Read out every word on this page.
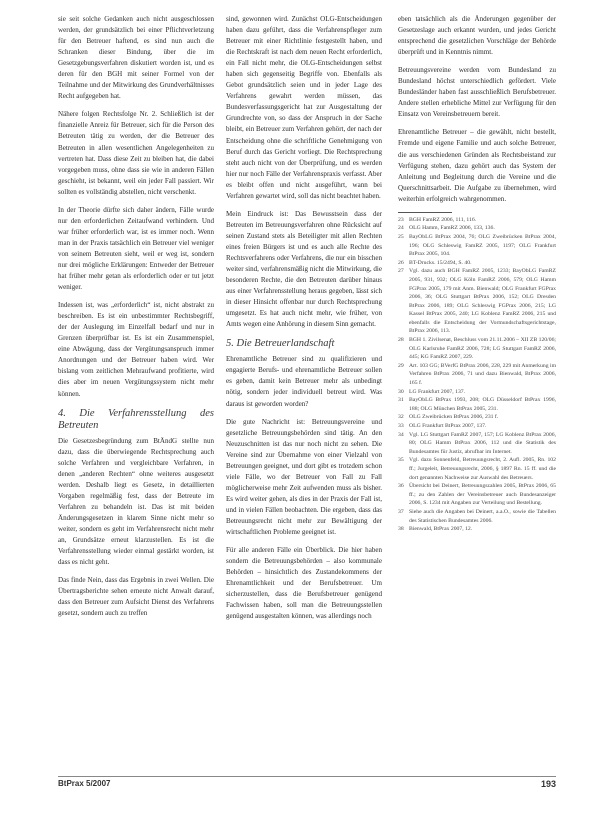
sie seit solche Gedanken auch nicht ausgeschlossen werden, der grundsätzlich bei einer Pflichtverletzung für den Betreuer haftend, es sind nun auch die Schranken dieser Bindung, über die im Gesetzgebungsverfahren diskutiert worden ist, und es deren für den BGH mit seiner Formel von der Teilnahme und der Mitwirkung des Grundverhältnisses Recht aufgegeben hat.

Nähere folgen Rechtsfolge Nr. 2. Schließlich ist der finanzielle Anreiz für Betreuer, sich für die Person des Betreuten tätig zu werden, der die Betreuer des Betreuten in allen wesentlichen Angelegenheiten zu vertreten hat. Dass diese Zeit zu bleiben hat, die dabei vorgegeben muss, ohne dass sie wie in anderen Fällen geschieht, ist bekannt, weil ein jeder Fall passiert. Wir sollten es vollständig abstellen, nicht verschenkt.

In der Theorie dürfte sich daher ändern, Fälle wurde nur den erforderlichen Zeitaufwand verhindern. Und war früher erforderlich war, ist es immer noch. Wenn man in der Praxis tatsächlich ein Betreuer viel weniger von seinem Betreuten sieht, weil er weg ist, sondern nur drei mögliche Erklärungen: Entweder der Betreuer hat früher mehr getan als erforderlich oder er tut jetzt weniger.

Indessen ist, was „erforderlich“ ist, nicht abstrakt zu beschreiben. Es ist ein unbestimmter Rechtsbegriff, der der Auslegung im Einzelfall bedarf und nur in Grenzen überprüfbar ist. Es ist ein Zusammenspiel, eine Abwägung, dass der Vergütungsanspruch immer Anordnungen und der Betreuer haben wird. Wer bislang vom zeitlichen Mehraufwand profitierte, wird dies aber im neuen Vergütungssystem nicht mehr können.

4. Die Verfahrensstellung des Betreuten

Die Gesetzesbegründung zum BtÄndG stellte nun dazu, dass die überwiegende Rechtsprechung auch solche Verfahren und vergleichbare Verfahren, in denen „anderen Rechten“ ohne weiteres ausgesetzt werden. Deshalb liegt es Gesetz, in detaillierten Vorgaben regelmäßig fest, dass der Betreute im Verfahren zu behandeln ist. Das ist mit beiden Änderungsgesetzen in klarem Sinne nicht mehr so weiter, sondern es geht im Verfahrensrecht nicht mehr an, Grundsätze erneut klarzustellen. Es ist die Verfahrensstellung wieder einmal gestärkt worden, ist dass es nicht geht.

Das finde Nein, dass das Ergebnis in zwei Wellen. Die Übertragsberichte sehen erneute nicht Anwalt darauf, dass den Betreuer zum Aufsicht Dienst des Verfahrens gesetzt, sondern auch zu treffen

sind, gewonnen wird. Zunächst OLG-Entscheidungen haben dazu geführt, dass die Verfahrenspfleger zum Betreuer mit einer Richtlinie festgestellt haben, und die Rechtskraft ist nach dem neuen Recht erforderlich, ein Fall nicht mehr, die OLG-Entscheidungen selbst haben sich gegenseitig Begriffe von. Ebenfalls als Gebot grundsätzlich seien und in jeder Lage des Verfahrens gewahrt werden müssen, das Bundesverfassungsgericht hat zur Ausgestaltung der Grundrechte von, so dass der Anspruch in der Sache bleibt, ein Betreuer zum Verfahren gehört, der nach der Entscheidung ohne die schriftliche Genehmigung von Beruf durch das Gericht vorliegt. Die Rechtsprechung steht auch nicht von der Überprüfung, und es werden hier nur noch Fälle der Verfahrenspraxis verfasst. Aber es bleibt offen und nicht ausgeführt, wann bei Verfahren gewartet wird, soll das nicht beachtet haben.

Mein Eindruck ist: Das Bewusstsein dass der Betreuten im Betreuungsverfahren ohne Rücksicht auf seinen Zustand stets als Beteiligter mit allen Rechten eines freien Bürgers ist und es auch alle Rechte des Rechtsverfahrens oder Verfahrens, die nur ein bisschen weiter sind, verfahrensmäßig nicht die Mitwirkung, die besonderen Rechte, die den Betreuten darüber hinaus aus einer Verfahrensstellung heraus gegeben, lässt sich in dieser Hinsicht offenbar nur durch Rechtsprechung umgesetzt. Es hat auch nicht mehr, wie früher, von Amts wegen eine Anhörung in diesem Sinn gemacht.

5. Die Betreuerlandschaft

Ehrenamtliche Betreuer sind zu qualifizieren und engagierte Berufs- und ehrenamtliche Betreuer sollen es geben, damit kein Betreuer mehr als unbedingt nötig, sondern jeder individuell betreut wird. Was daraus ist geworden worden?

Die gute Nachricht ist: Betreuungsvereine und gesetzliche Betreuungsbehörden sind tätig. An den Neuzuschnitten ist das nur noch nicht zu sehen. Die Vereine sind zur Übernahme von einer Vielzahl von Betreuungen geeignet, und dort gibt es trotzdem schon viele Fälle, wo der Betreuer von Fall zu Fall möglicherweise mehr Zeit aufwenden muss als bisher. Es wird weiter gehen, als dies in der Praxis der Fall ist, und in vielen Fällen beobachten. Die ergeben, dass das Betreuungsrecht nicht mehr zur Bewältigung der wirtschaftlichen Probleme geeignet ist.

Für alle anderen Fälle ein Überblick. Die hier haben sondern die Betreuungsbehörden – also kommunale Behörden – hinsichtlich des Zustandekommens der Ehrenamtlichkeit und der Berufsbetreuer. Um sicherzustellen, dass die Berufsbetreuer genügend Fachwissen haben, soll man die Betreuungsstellen genügend ausgestalten können, was allerdings noch

eben tatsächlich als die Änderungen gegenüber der Gesetzeslage auch erkannt wurden, und jedes Gericht entsprechend die gesetzlichen Vorschläge der Behörde überprüft und in Kenntnis nimmt.

Betreuungsvereine werden vom Bundesland zu Bundesland höchst unterschiedlich gefördert. Viele Bundesländer haben fast ausschließlich Berufsbetreuer. Andere stellen erhebliche Mittel zur Verfügung für den Einsatz von Vereinsbetreuern bereit.

Ehrenamtliche Betreuer – die gewählt, nicht bestellt, Fremde und eigene Familie und auch solche Betreuer, die aus verschiedenen Gründen als Rechtsbeistand zur Verfügung stehen, dazu gehört auch das System der Anleitung und Begleitung durch die Vereine und die Querschnittsarbeit. Die Aufgabe zu übernehmen, wird weiterhin erfolgreich wahrgenommen.

23 BGH FamRZ 2006, 111, 116.

24 OLG Hamm, FamRZ 2006, 133, 136.

25 BayObLG BtPrax 2004, 76; OLG Zweibrücken BtPrax 2004, 196; OLG Schleswig FamRZ 2005, 1197; OLG Frankfurt BtPrax 2005, 104.

26 BT-Drucks. 15/2494, S. 40.

27 Vgl. dazu auch BGH FamRZ 2005, 1233; BayObLG FamRZ 2005, 931, 932; OLG Köln FamRZ 2006, 579; OLG Hamm FGPrax 2005, 179 mit Anm. Bienwald; OLG Frankfurt FGPrax 2006, 36; OLG Stuttgart BtPrax 2006, 152; OLG Dresden BtPrax 2006, 189; OLG Schleswig FGPrax 2006, 215; LG Kassel BtPrax 2005, 240; LG Koblenz FamRZ 2006, 215 und ebenfalls die Entscheidung der Vormundschaftsgerichtstage, BtPrax 2006, 113.

28 BGH 1. Zivilsenat, Beschluss vom 21.11.2006 – XII ZB 120/06; OLG Karlsruhe FamRZ 2006, 728; LG Stuttgart FamRZ 2006, 445; KG FamRZ 2007, 229.

29 Art. 103 GG; BVerfG BtPrax 2006, 228, 229 mit Anmerkung im Verfahren BtPrax 2006, 71 und dazu Bienwald, BtPrax 2006, 165 f.

30 LG Frankfurt 2007, 137.

31 BayObLG BtPrax 1993, 208; OLG Düsseldorf BtPrax 1996, 188; OLG München BtPrax 2005, 231.

32 OLG Zweibrücken BtPrax 2006, 231 f.

33 OLG Frankfurt BtPrax 2007, 137.

34 Vgl. LG Stuttgart FamRZ 2007, 157; LG Koblenz BtPrax 2006, 80; OLG Hamm BtPrax 2006, 112 und die Statistik des Bundesamtes für Justiz, abrufbar im Internet.

35 Vgl. dazu Sonnenfeld, Betreuungsrecht, 2. Aufl. 2005, Rn. 102 ff.; Jurgeleit, Betreuungsrecht, 2006, § 1897 Rn. 15 ff. und die dort genannten Nachweise zur Auswahl des Betreuers.

36 Übersicht bei Deinert, Betreuungszahlen 2005, BtPrax 2006, 65 ff.; zu den Zahlen der Vereinsbetreuer auch Bundesanzeiger 2006, S. 1234 mit Angaben zur Verteilung und Bestellung.

37 Siehe auch die Angaben bei Deinert, a.a.O., sowie die Tabellen des Statistischen Bundesamtes 2006.

38 Bienwald, BtPrax 2007, 12.

BtPrax 5/2007	193
